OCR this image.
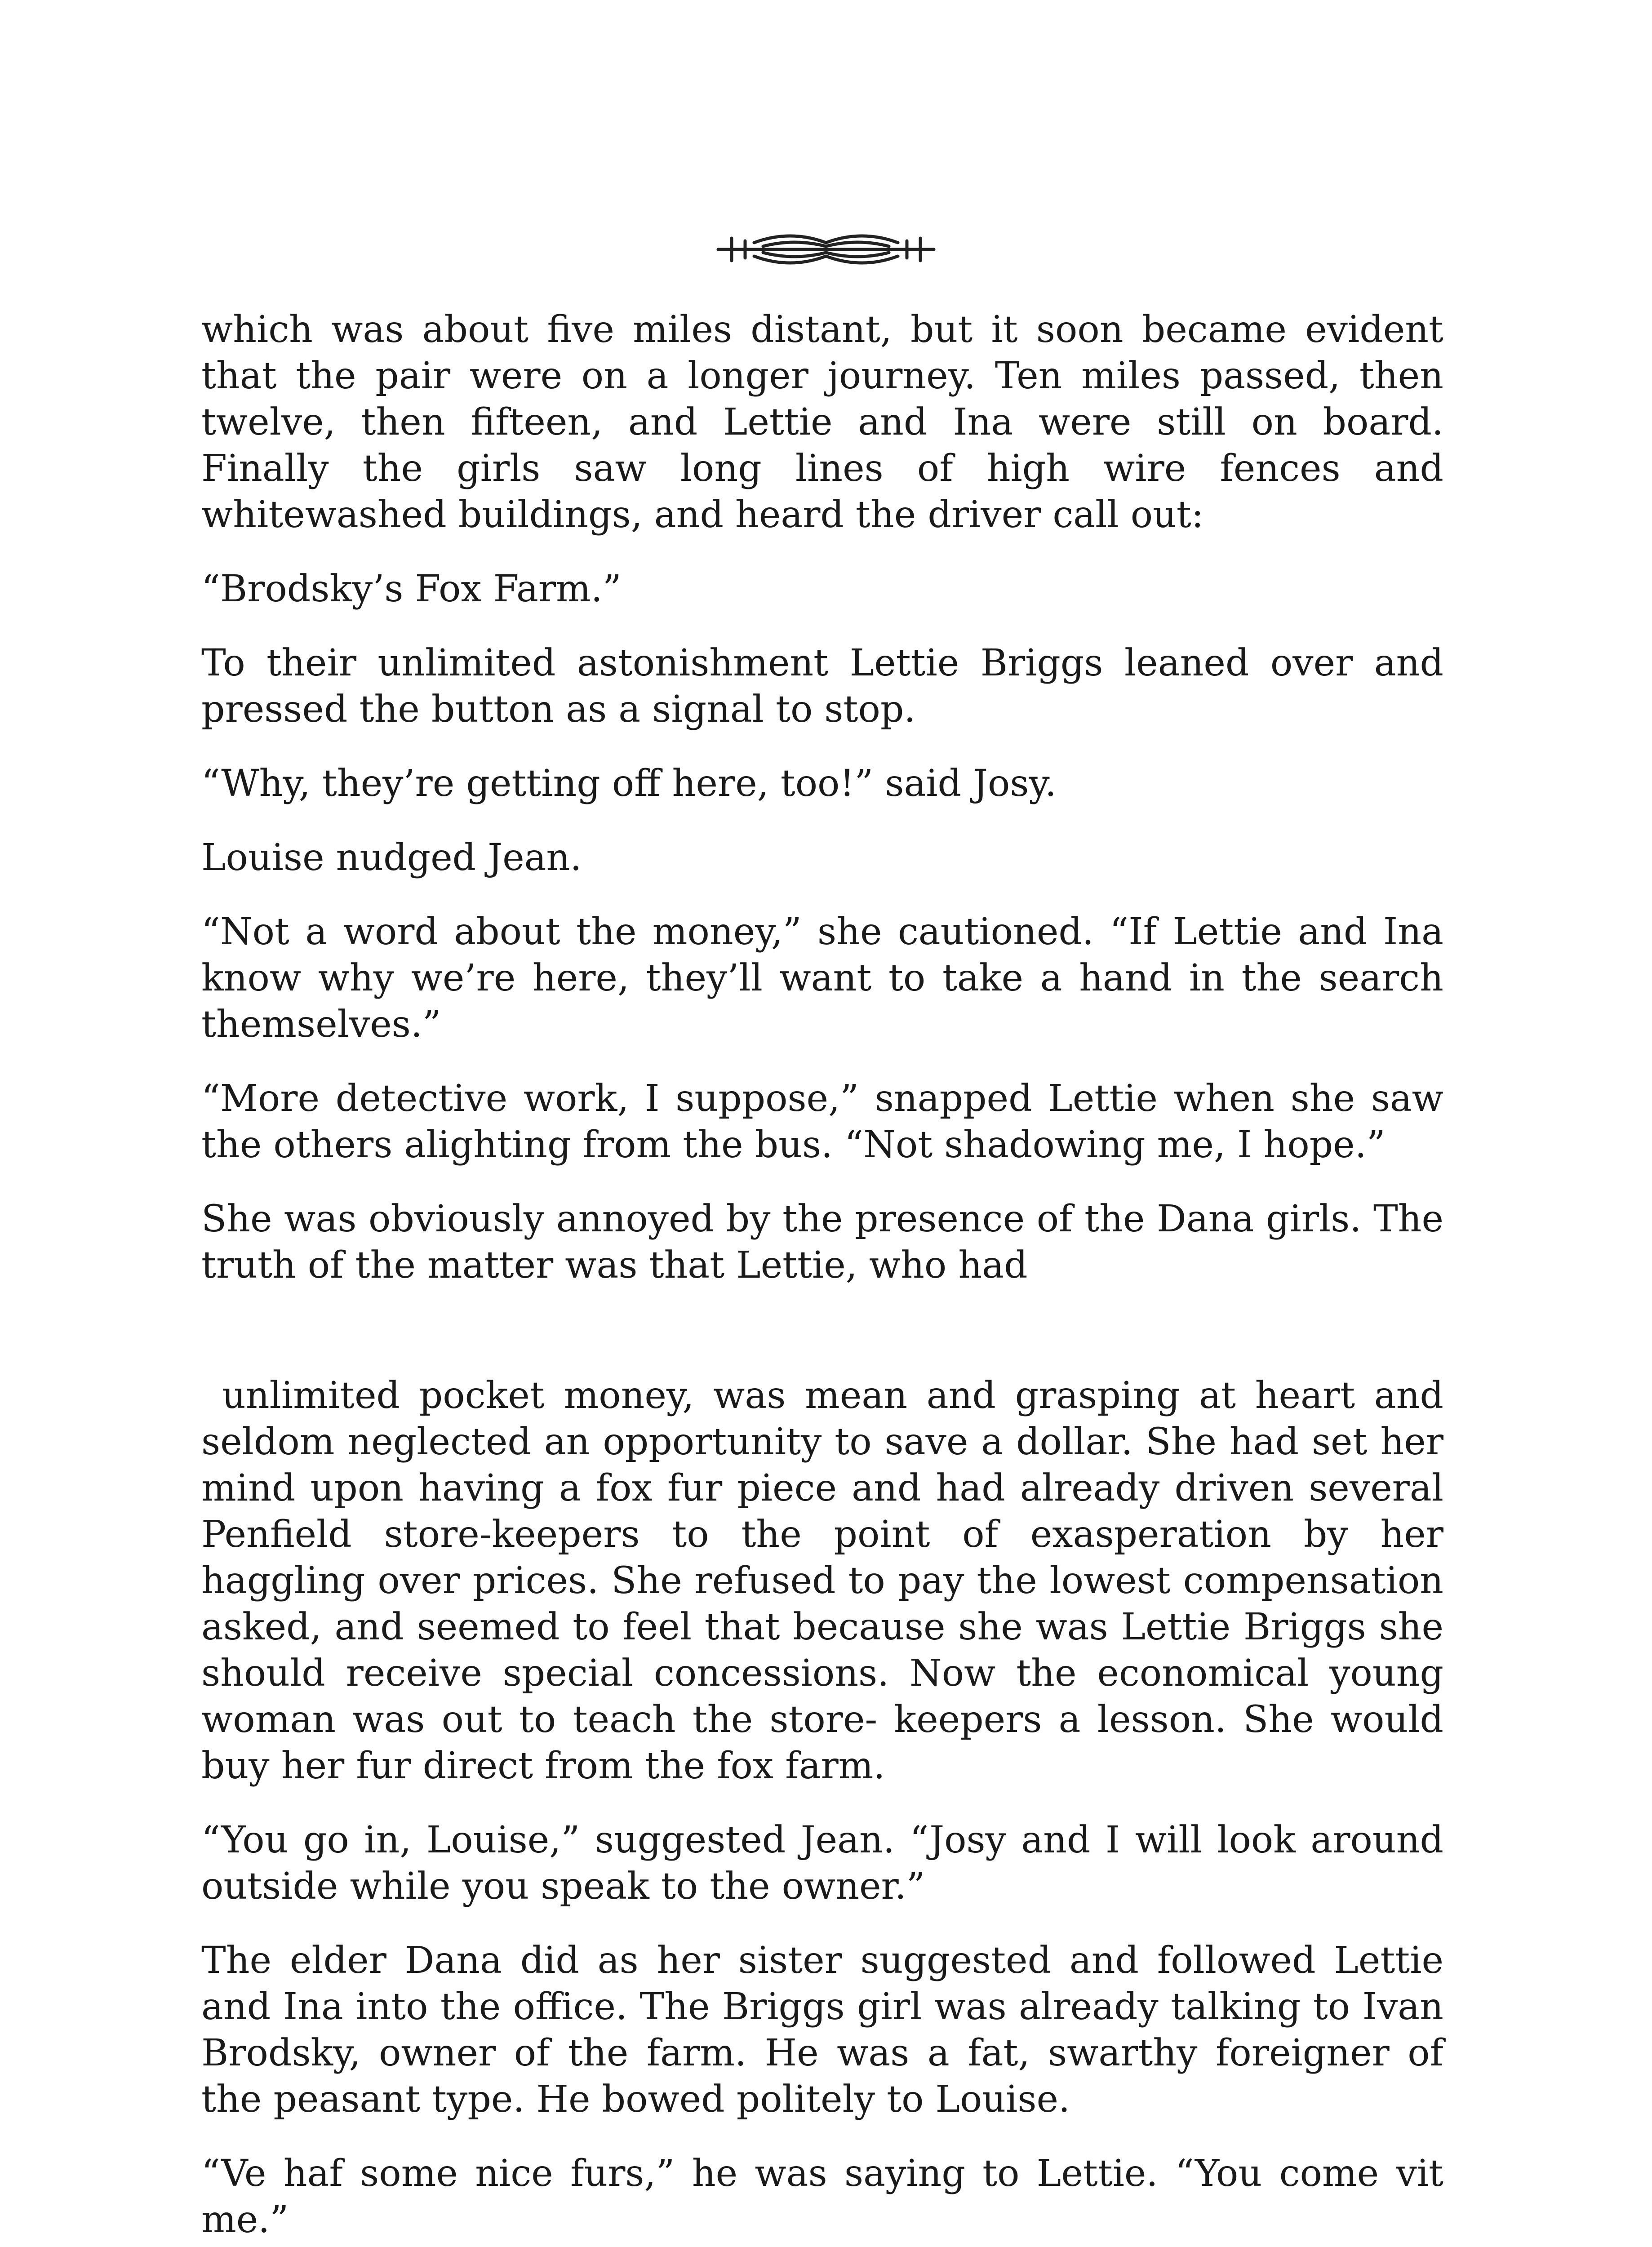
which was about five miles distant, but it soon became evident that the pair were on a longer journey. Ten miles passed, then twelve, then fifteen, and Lettie and Ina were still on board. Finally the girls saw long lines of high wire fences and whitewashed buildings, and heard the driver call out:

“Brodsky’s Fox Farm.”

To their unlimited astonishment Lettie Briggs leaned over and pressed the button as a signal to stop.

“Why, they’re getting off here, too!” said Josy.

Louise nudged Jean.

“Not a word about the money,” she cautioned. “If Lettie and Ina know why we’re here, they’ll want to take a hand in the search themselves.”

“More detective work, I suppose,” snapped Lettie when she saw the others alighting from the bus. “Not shadowing me, I hope.”

She was obviously annoyed by the presence of the Dana girls. The truth of the matter was that Lettie, who had

unlimited pocket money, was mean and grasping at heart and seldom neglected an opportunity to save a dollar. She had set her mind upon having a fox fur piece and had already driven several Penfield store-keepers to the point of exasperation by her haggling over prices. She refused to pay the lowest compensation asked, and seemed to feel that because she was Lettie Briggs she should receive special concessions. Now the economical young woman was out to teach the store- keepers a lesson. She would buy her fur direct from the fox farm.

“You go in, Louise,” suggested Jean. “Josy and I will look around outside while you speak to the owner.”

The elder Dana did as her sister suggested and followed Lettie and Ina into the office. The Briggs girl was already talking to Ivan Brodsky, owner of the farm. He was a fat, swarthy foreigner of the peasant type. He bowed politely to Louise.

“Ve haf some nice furs,” he was saying to Lettie. “You come vit me.”
